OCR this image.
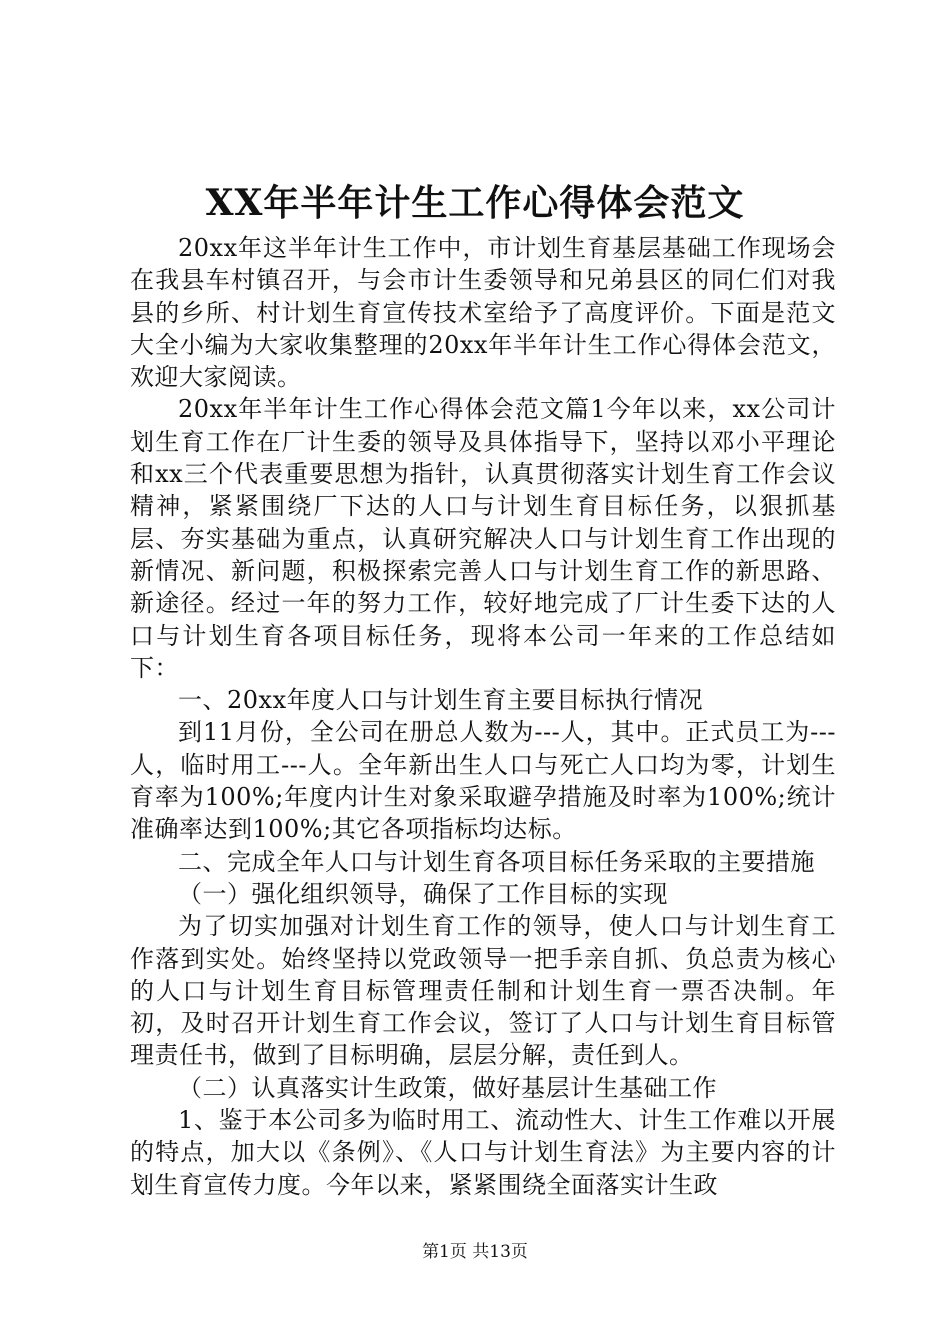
XX年半年计生工作心得体会范文

20xx年这半年计生工作中，市计划生育基层基础工作现场会在我县车村镇召开，与会市计生委领导和兄弟县区的同仁们对我县的乡所、村计划生育宣传技术室给予了高度评价。下面是范文大全小编为大家收集整理的20xx年半年计生工作心得体会范文，欢迎大家阅读。

20xx年半年计生工作心得体会范文篇1今年以来，xx公司计划生育工作在厂计生委的领导及具体指导下，坚持以邓小平理论和xx三个代表重要思想为指针，认真贯彻落实计划生育工作会议精神，紧紧围绕厂下达的人口与计划生育目标任务，以狠抓基层、夯实基础为重点，认真研究解决人口与计划生育工作出现的新情况、新问题，积极探索完善人口与计划生育工作的新思路、新途径。经过一年的努力工作，较好地完成了厂计生委下达的人口与计划生育各项目标任务，现将本公司一年来的工作总结如下：

一、20xx年度人口与计划生育主要目标执行情况

到11月份，全公司在册总人数为---人，其中。正式员工为---人，临时用工---人。全年新出生人口与死亡人口均为零，计划生育率为100%;年度内计生对象采取避孕措施及时率为100%;统计准确率达到100%;其它各项指标均达标。

二、完成全年人口与计划生育各项目标任务采取的主要措施

（一）强化组织领导，确保了工作目标的实现

为了切实加强对计划生育工作的领导，使人口与计划生育工作落到实处。始终坚持以党政领导一把手亲自抓、负总责为核心的人口与计划生育目标管理责任制和计划生育一票否决制。年初，及时召开计划生育工作会议，签订了人口与计划生育目标管理责任书，做到了目标明确，层层分解，责任到人。

（二）认真落实计生政策，做好基层计生基础工作

1、鉴于本公司多为临时用工、流动性大、计生工作难以开展的特点，加大以《条例》、《人口与计划生育法》为主要内容的计划生育宣传力度。今年以来，紧紧围绕全面落实计生政

第1页 共13页
